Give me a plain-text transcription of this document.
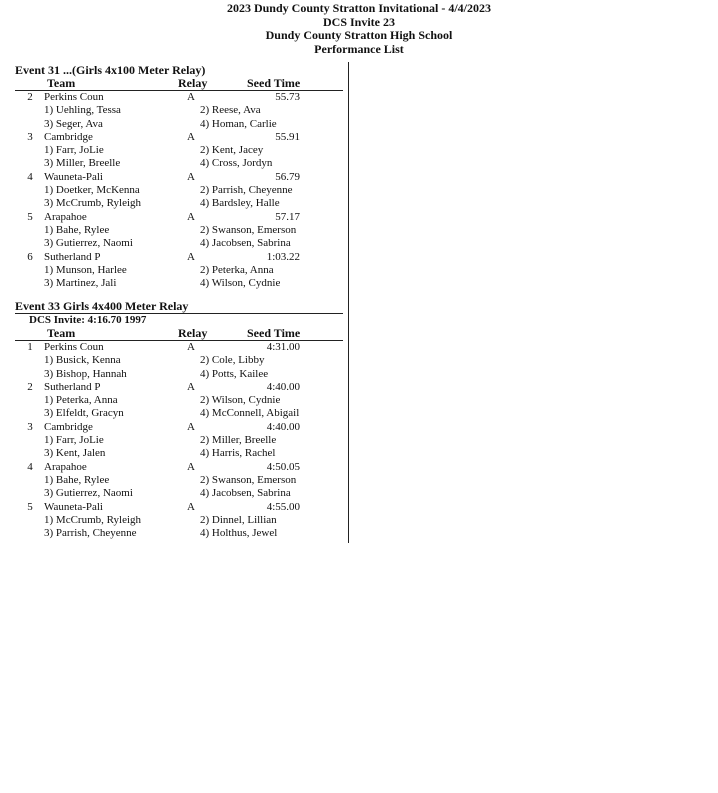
2023 Dundy County Stratton Invitational - 4/4/2023
DCS Invite 23
Dundy County Stratton High School
Performance List
Event 31 ...(Girls 4x100 Meter Relay)
Team	Relay	Seed Time
2	Perkins Coun	A	55.73
1) Uehling, Tessa	2) Reese, Ava
3) Seger, Ava	4) Homan, Carlie
3	Cambridge	A	55.91
1) Farr, JoLie	2) Kent, Jacey
3) Miller, Breelle	4) Cross, Jordyn
4	Wauneta-Pali	A	56.79
1) Doetker, McKenna	2) Parrish, Cheyenne
3) McCrumb, Ryleigh	4) Bardsley, Halle
5	Arapahoe	A	57.17
1) Bahe, Rylee	2) Swanson, Emerson
3) Gutierrez, Naomi	4) Jacobsen, Sabrina
6	Sutherland P	A	1:03.22
1) Munson, Harlee	2) Peterka, Anna
3) Martinez, Jali	4) Wilson, Cydnie
Event 33 Girls 4x400 Meter Relay
DCS Invite: 4:16.70 1997
Team	Relay	Seed Time
1	Perkins Coun	A	4:31.00
1) Busick, Kenna	2) Cole, Libby
3) Bishop, Hannah	4) Potts, Kailee
2	Sutherland P	A	4:40.00
1) Peterka, Anna	2) Wilson, Cydnie
3) Elfeldt, Gracyn	4) McConnell, Abigail
3	Cambridge	A	4:40.00
1) Farr, JoLie	2) Miller, Breelle
3) Kent, Jalen	4) Harris, Rachel
4	Arapahoe	A	4:50.05
1) Bahe, Rylee	2) Swanson, Emerson
3) Gutierrez, Naomi	4) Jacobsen, Sabrina
5	Wauneta-Pali	A	4:55.00
1) McCrumb, Ryleigh	2) Dinnel, Lillian
3) Parrish, Cheyenne	4) Holthus, Jewel
